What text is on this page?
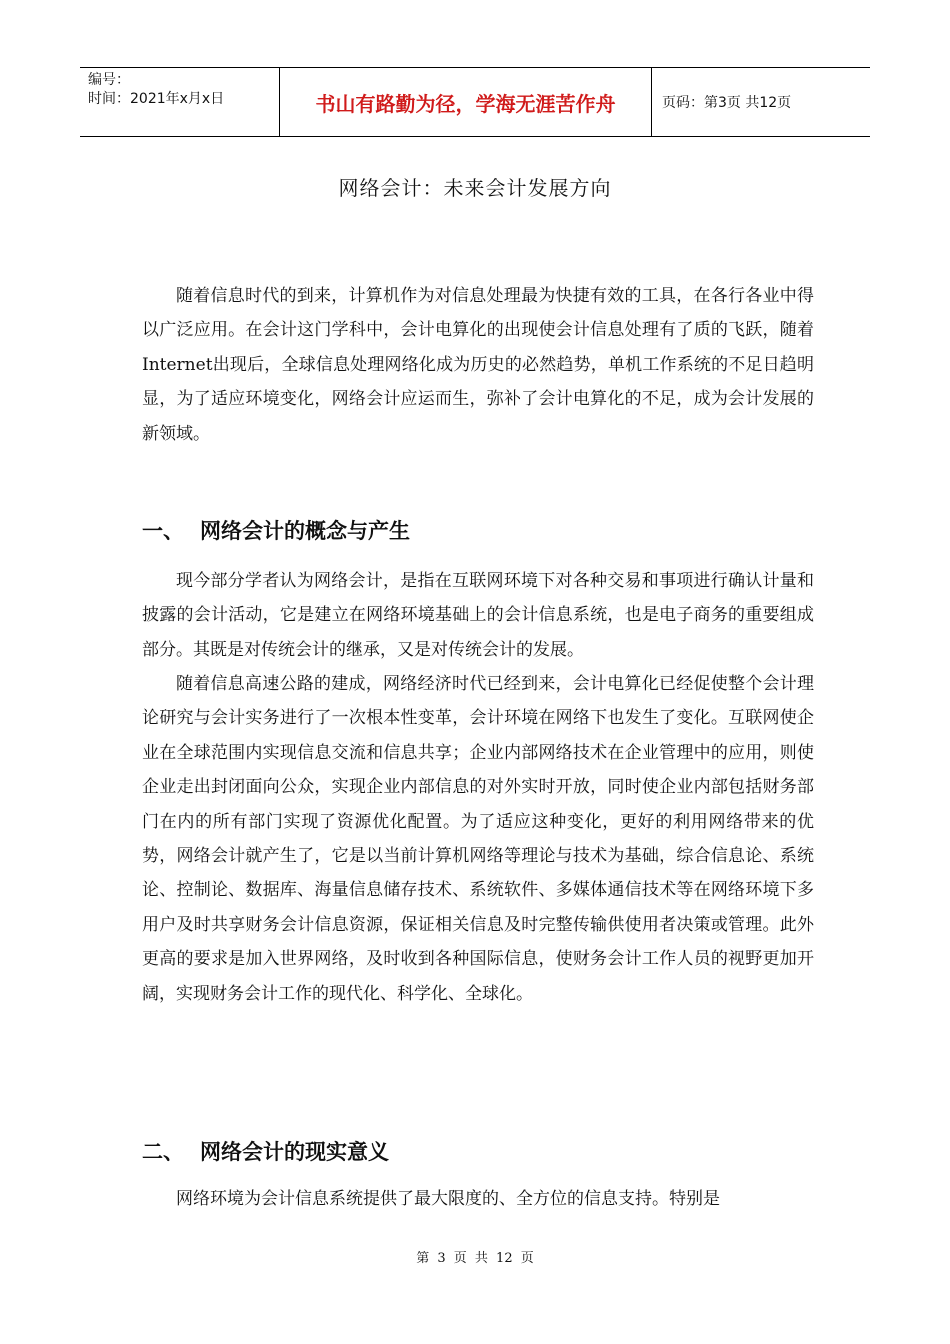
编号：
时间：2021年x月x日	书山有路勤为径，学海无涯苦作舟	页码：第3页 共12页
网络会计：未来会计发展方向

随着信息时代的到来，计算机作为对信息处理最为快捷有效的工具，在各行各业中得以广泛应用。在会计这门学科中，会计电算化的出现使会计信息处理有了质的飞跃，随着Internet出现后，全球信息处理网络化成为历史的必然趋势，单机工作系统的不足日趋明显，为了适应环境变化，网络会计应运而生，弥补了会计电算化的不足，成为会计发展的新领域。

一、 网络会计的概念与产生

现今部分学者认为网络会计，是指在互联网环境下对各种交易和事项进行确认计量和披露的会计活动，它是建立在网络环境基础上的会计信息系统，也是电子商务的重要组成部分。其既是对传统会计的继承，又是对传统会计的发展。

随着信息高速公路的建成，网络经济时代已经到来，会计电算化已经促使整个会计理论研究与会计实务进行了一次根本性变革，会计环境在网络下也发生了变化。互联网使企业在全球范围内实现信息交流和信息共享；企业内部网络技术在企业管理中的应用，则使企业走出封闭面向公众，实现企业内部信息的对外实时开放，同时使企业内部包括财务部门在内的所有部门实现了资源优化配置。为了适应这种变化，更好的利用网络带来的优势，网络会计就产生了，它是以当前计算机网络等理论与技术为基础，综合信息论、系统论、控制论、数据库、海量信息储存技术、系统软件、多媒体通信技术等在网络环境下多用户及时共享财务会计信息资源，保证相关信息及时完整传输供使用者决策或管理。此外更高的要求是加入世界网络，及时收到各种国际信息，使财务会计工作人员的视野更加开阔，实现财务会计工作的现代化、科学化、全球化。

二、 网络会计的现实意义

网络环境为会计信息系统提供了最大限度的、全方位的信息支持。特别是

第 3 页 共 12 页
